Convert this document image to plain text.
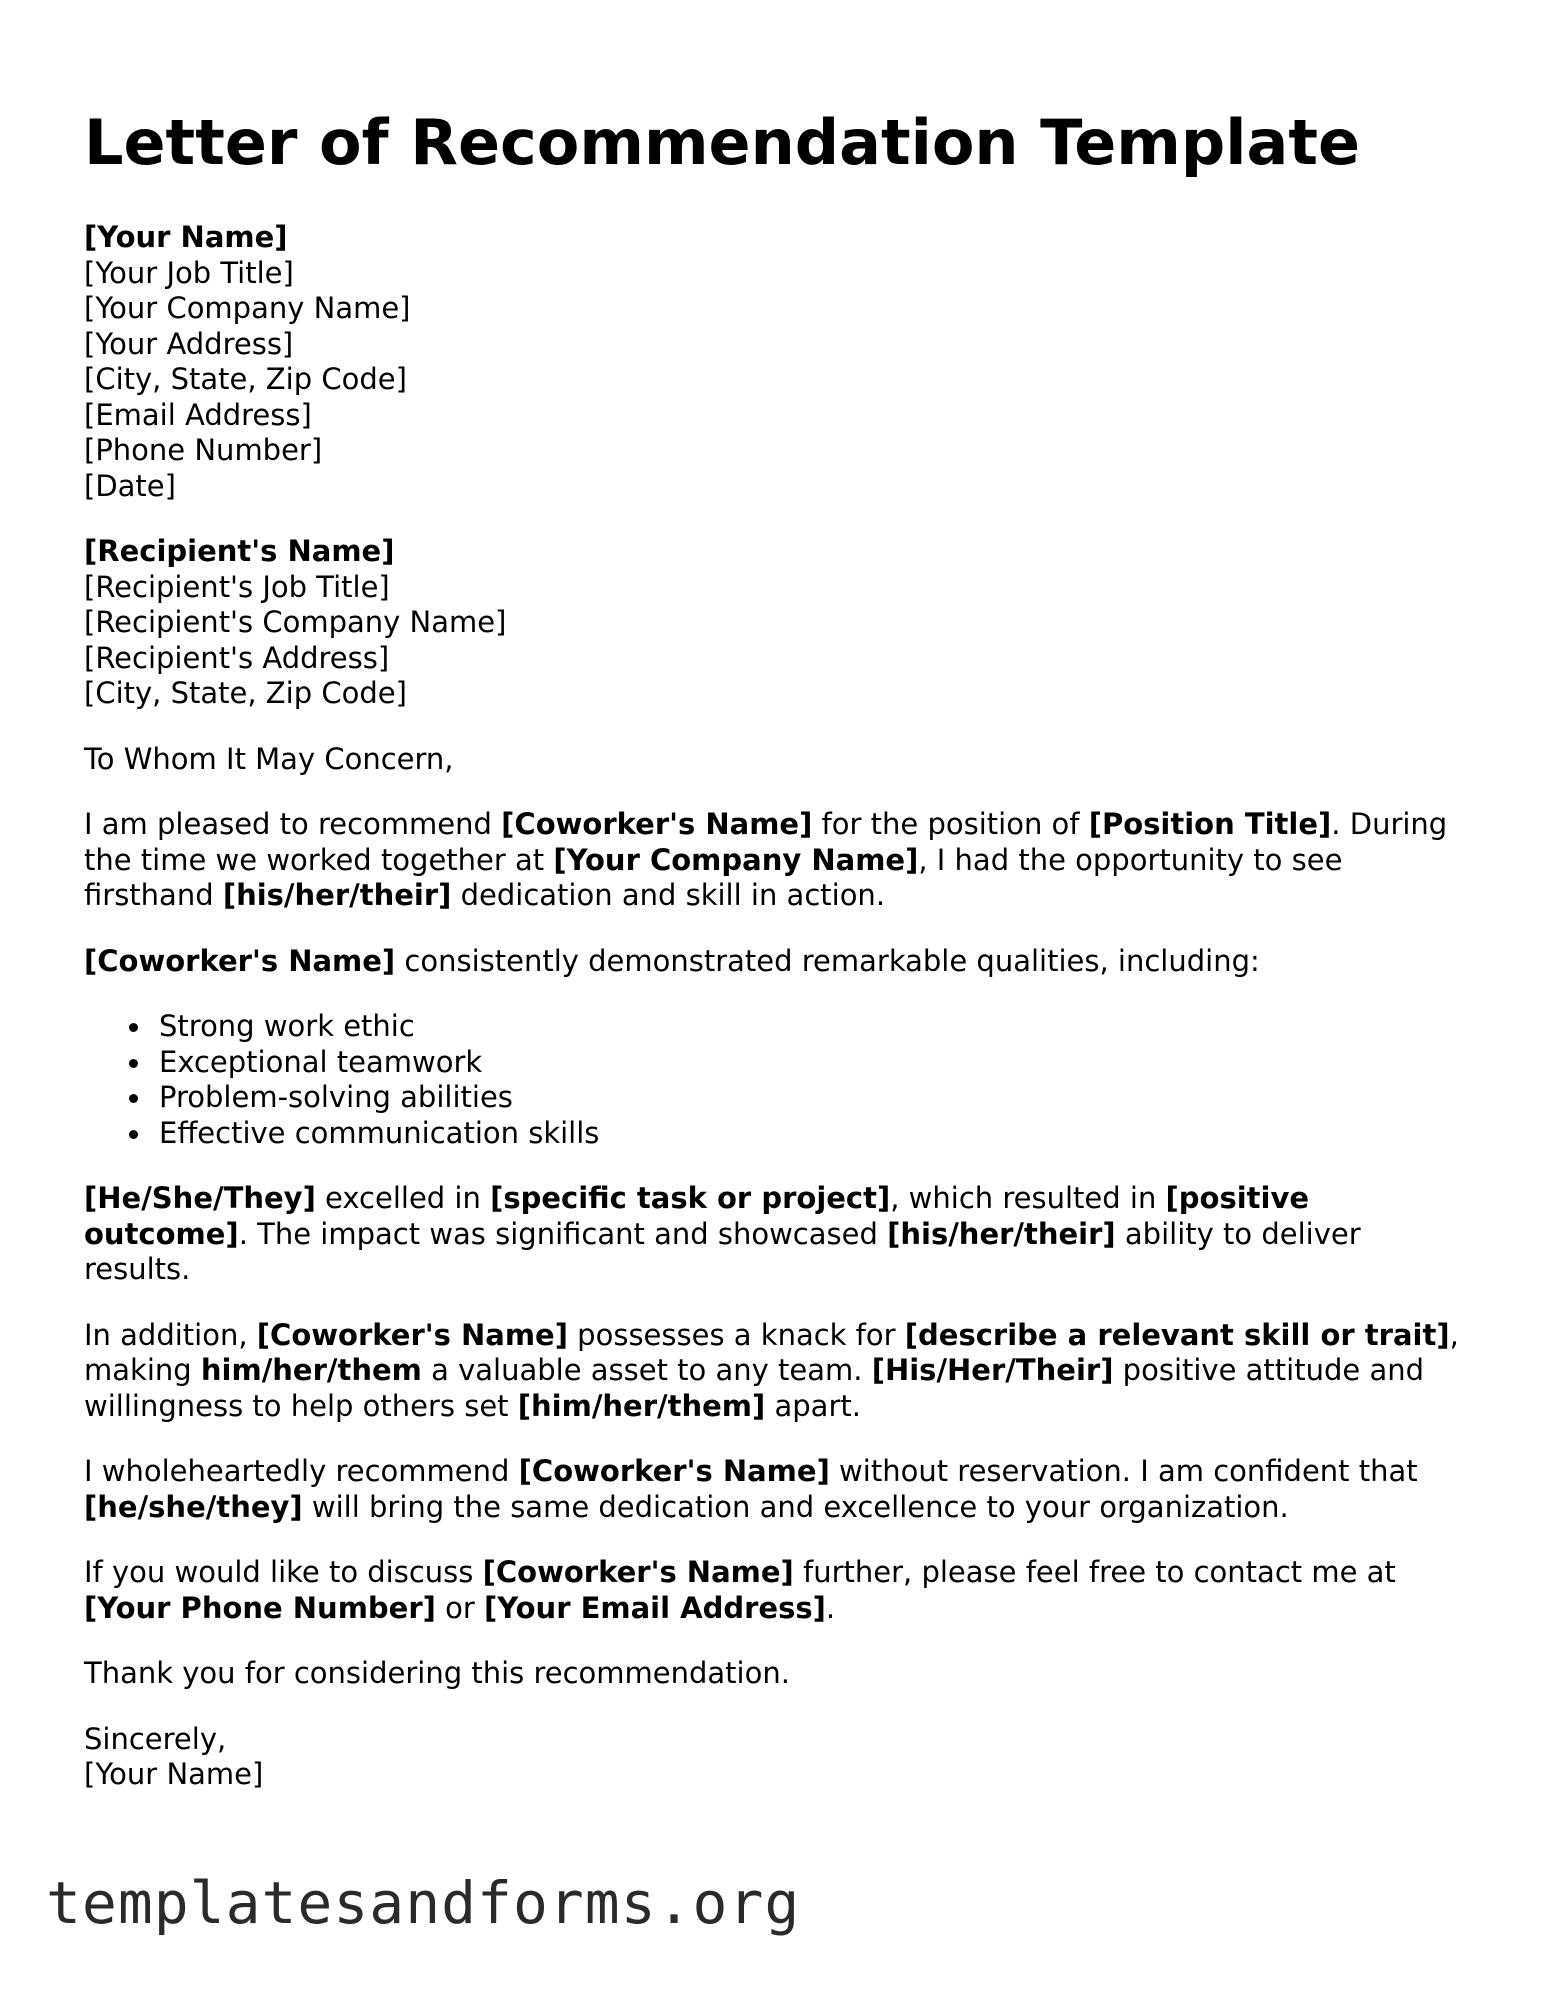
Letter of Recommendation Template
[Your Name]
[Your Job Title]
[Your Company Name]
[Your Address]
[City, State, Zip Code]
[Email Address]
[Phone Number]
[Date]
[Recipient's Name]
[Recipient's Job Title]
[Recipient's Company Name]
[Recipient's Address]
[City, State, Zip Code]

To Whom It May Concern,

I am pleased to recommend [Coworker's Name] for the position of [Position Title]. During the time we worked together at [Your Company Name], I had the opportunity to see firsthand [his/her/their] dedication and skill in action.

[Coworker's Name] consistently demonstrated remarkable qualities, including:

Strong work ethic
Exceptional teamwork
Problem-solving abilities
Effective communication skills

[He/She/They] excelled in [specific task or project], which resulted in [positive outcome]. The impact was significant and showcased [his/her/their] ability to deliver results.

In addition, [Coworker's Name] possesses a knack for [describe a relevant skill or trait], making him/her/them a valuable asset to any team. [His/Her/Their] positive attitude and willingness to help others set [him/her/them] apart.

I wholeheartedly recommend [Coworker's Name] without reservation. I am confident that [he/she/they] will bring the same dedication and excellence to your organization.

If you would like to discuss [Coworker's Name] further, please feel free to contact me at [Your Phone Number] or [Your Email Address].

Thank you for considering this recommendation.

Sincerely,
[Your Name]
templatesandforms.org
